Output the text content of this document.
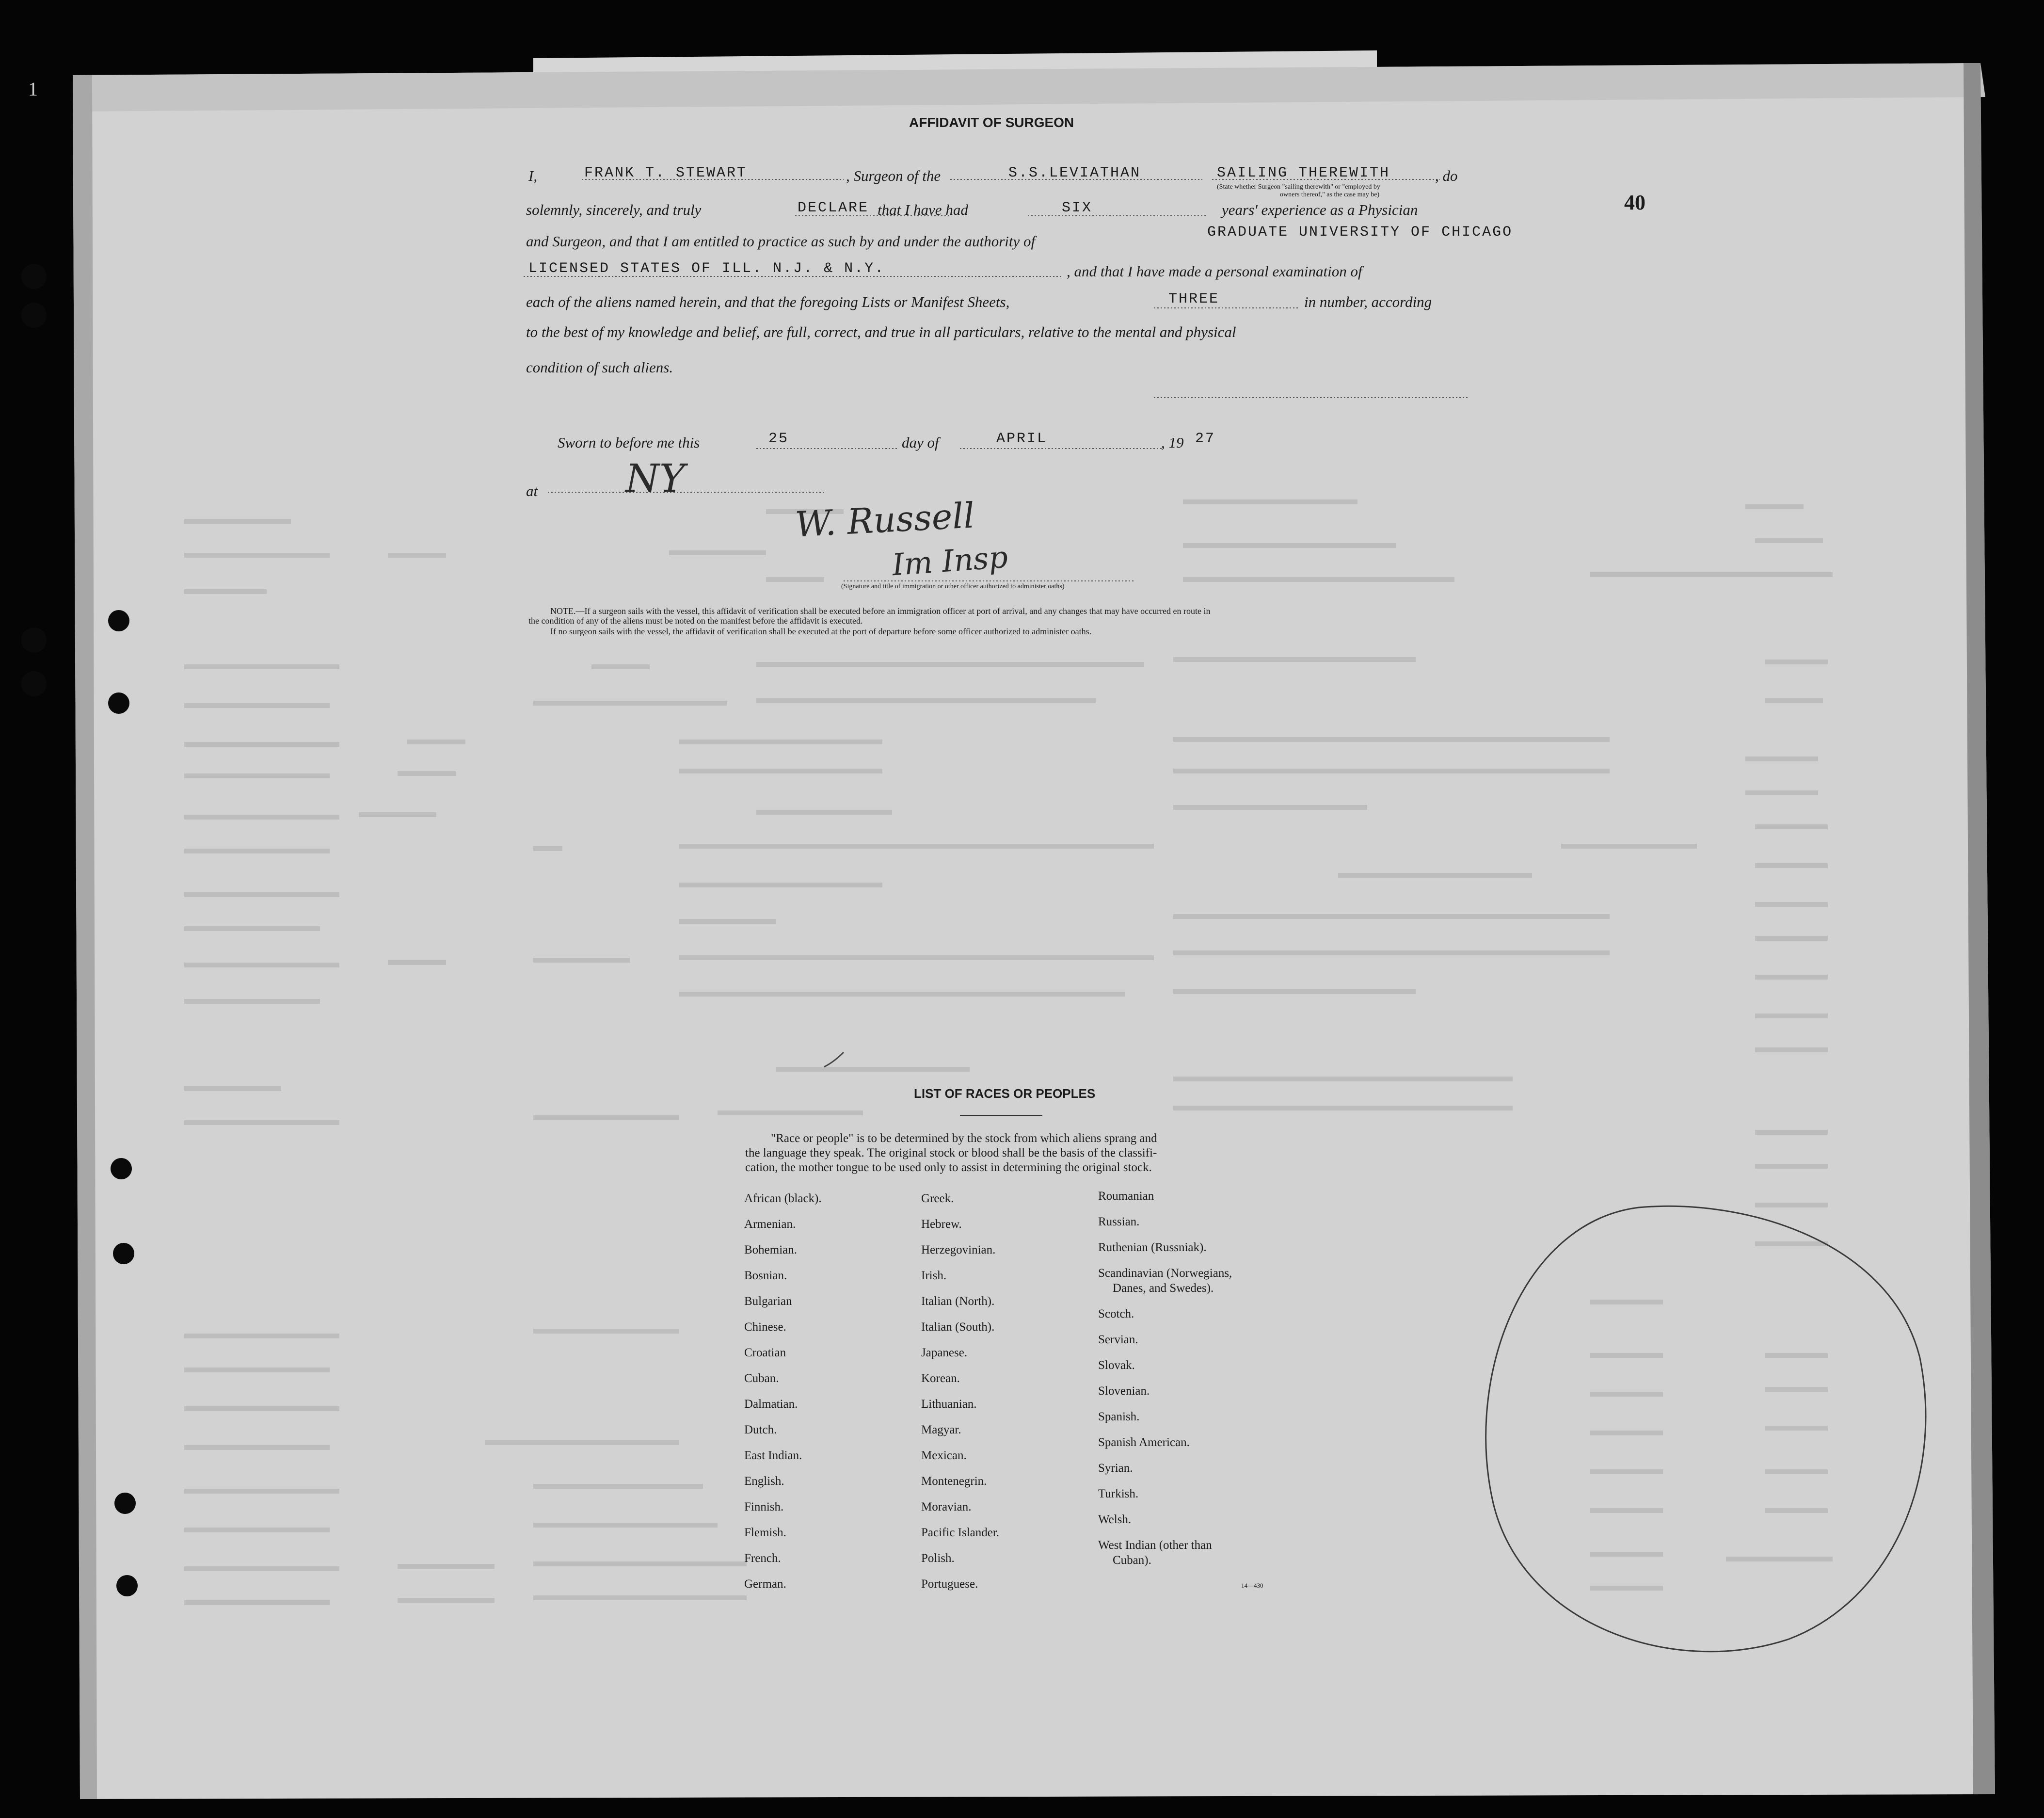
AFFIDAVIT OF SURGEON
40
1
I,	FRANK T. STEWART	, Surgeon of the	S.S.LEVIATHAN	SAILING THEREWITH	, do
(State whether Surgeon "sailing therewith" or "employed by
owners thereof," as the case may be)
solemnly, sincerely, and truly	DECLARE that I have had	SIX	years' experience as a Physician
and Surgeon, and that I am entitled to practice as such by and under the authority of
GRADUATE UNIVERSITY OF CHICAGO
LICENSED STATES OF ILL. N.J. & N.Y.	, and that I have made a personal examination of
each of the aliens named herein, and that the foregoing Lists or Manifest Sheets,	THREE	in number, according
to the best of my knowledge and belief, are full, correct, and true in all particulars, relative to the mental and physical
condition of such aliens.
Sworn to before me this	25	day of	APRIL	, 19 27
at NY
W. Russell
Im Insp
(Signature and title of immigration or other officer authorized to administer oaths)
NOTE.—If a surgeon sails with the vessel, this affidavit of verification shall be executed before an immigration officer at port of arrival, and any changes that may have occurred en route in
the condition of any of the aliens must be noted on the manifest before the affidavit is executed.
If no surgeon sails with the vessel, the affidavit of verification shall be executed at the port of departure before some officer authorized to administer oaths.
LIST OF RACES OR PEOPLES
"Race or people" is to be determined by the stock from which aliens sprang and
the language they speak. The original stock or blood shall be the basis of the classifi-
cation, the mother tongue to be used only to assist in determining the original stock.
African (black).
Armenian.
Bohemian.
Bosnian.
Bulgarian
Chinese.
Croatian
Cuban.
Dalmatian.
Dutch.
East Indian.
English.
Finnish.
Flemish.
French.
German.
Greek.
Hebrew.
Herzegovinian.
Irish.
Italian (North).
Italian (South).
Japanese.
Korean.
Lithuanian.
Magyar.
Mexican.
Montenegrin.
Moravian.
Pacific Islander.
Polish.
Portuguese.
Roumanian
Russian.
Ruthenian (Russniak).
Scandinavian (Norwegians,
Danes, and Swedes).
Scotch.
Servian.
Slovak.
Slovenian.
Spanish.
Spanish American.
Syrian.
Turkish.
Welsh.
West Indian (other than
Cuban).
14—430
